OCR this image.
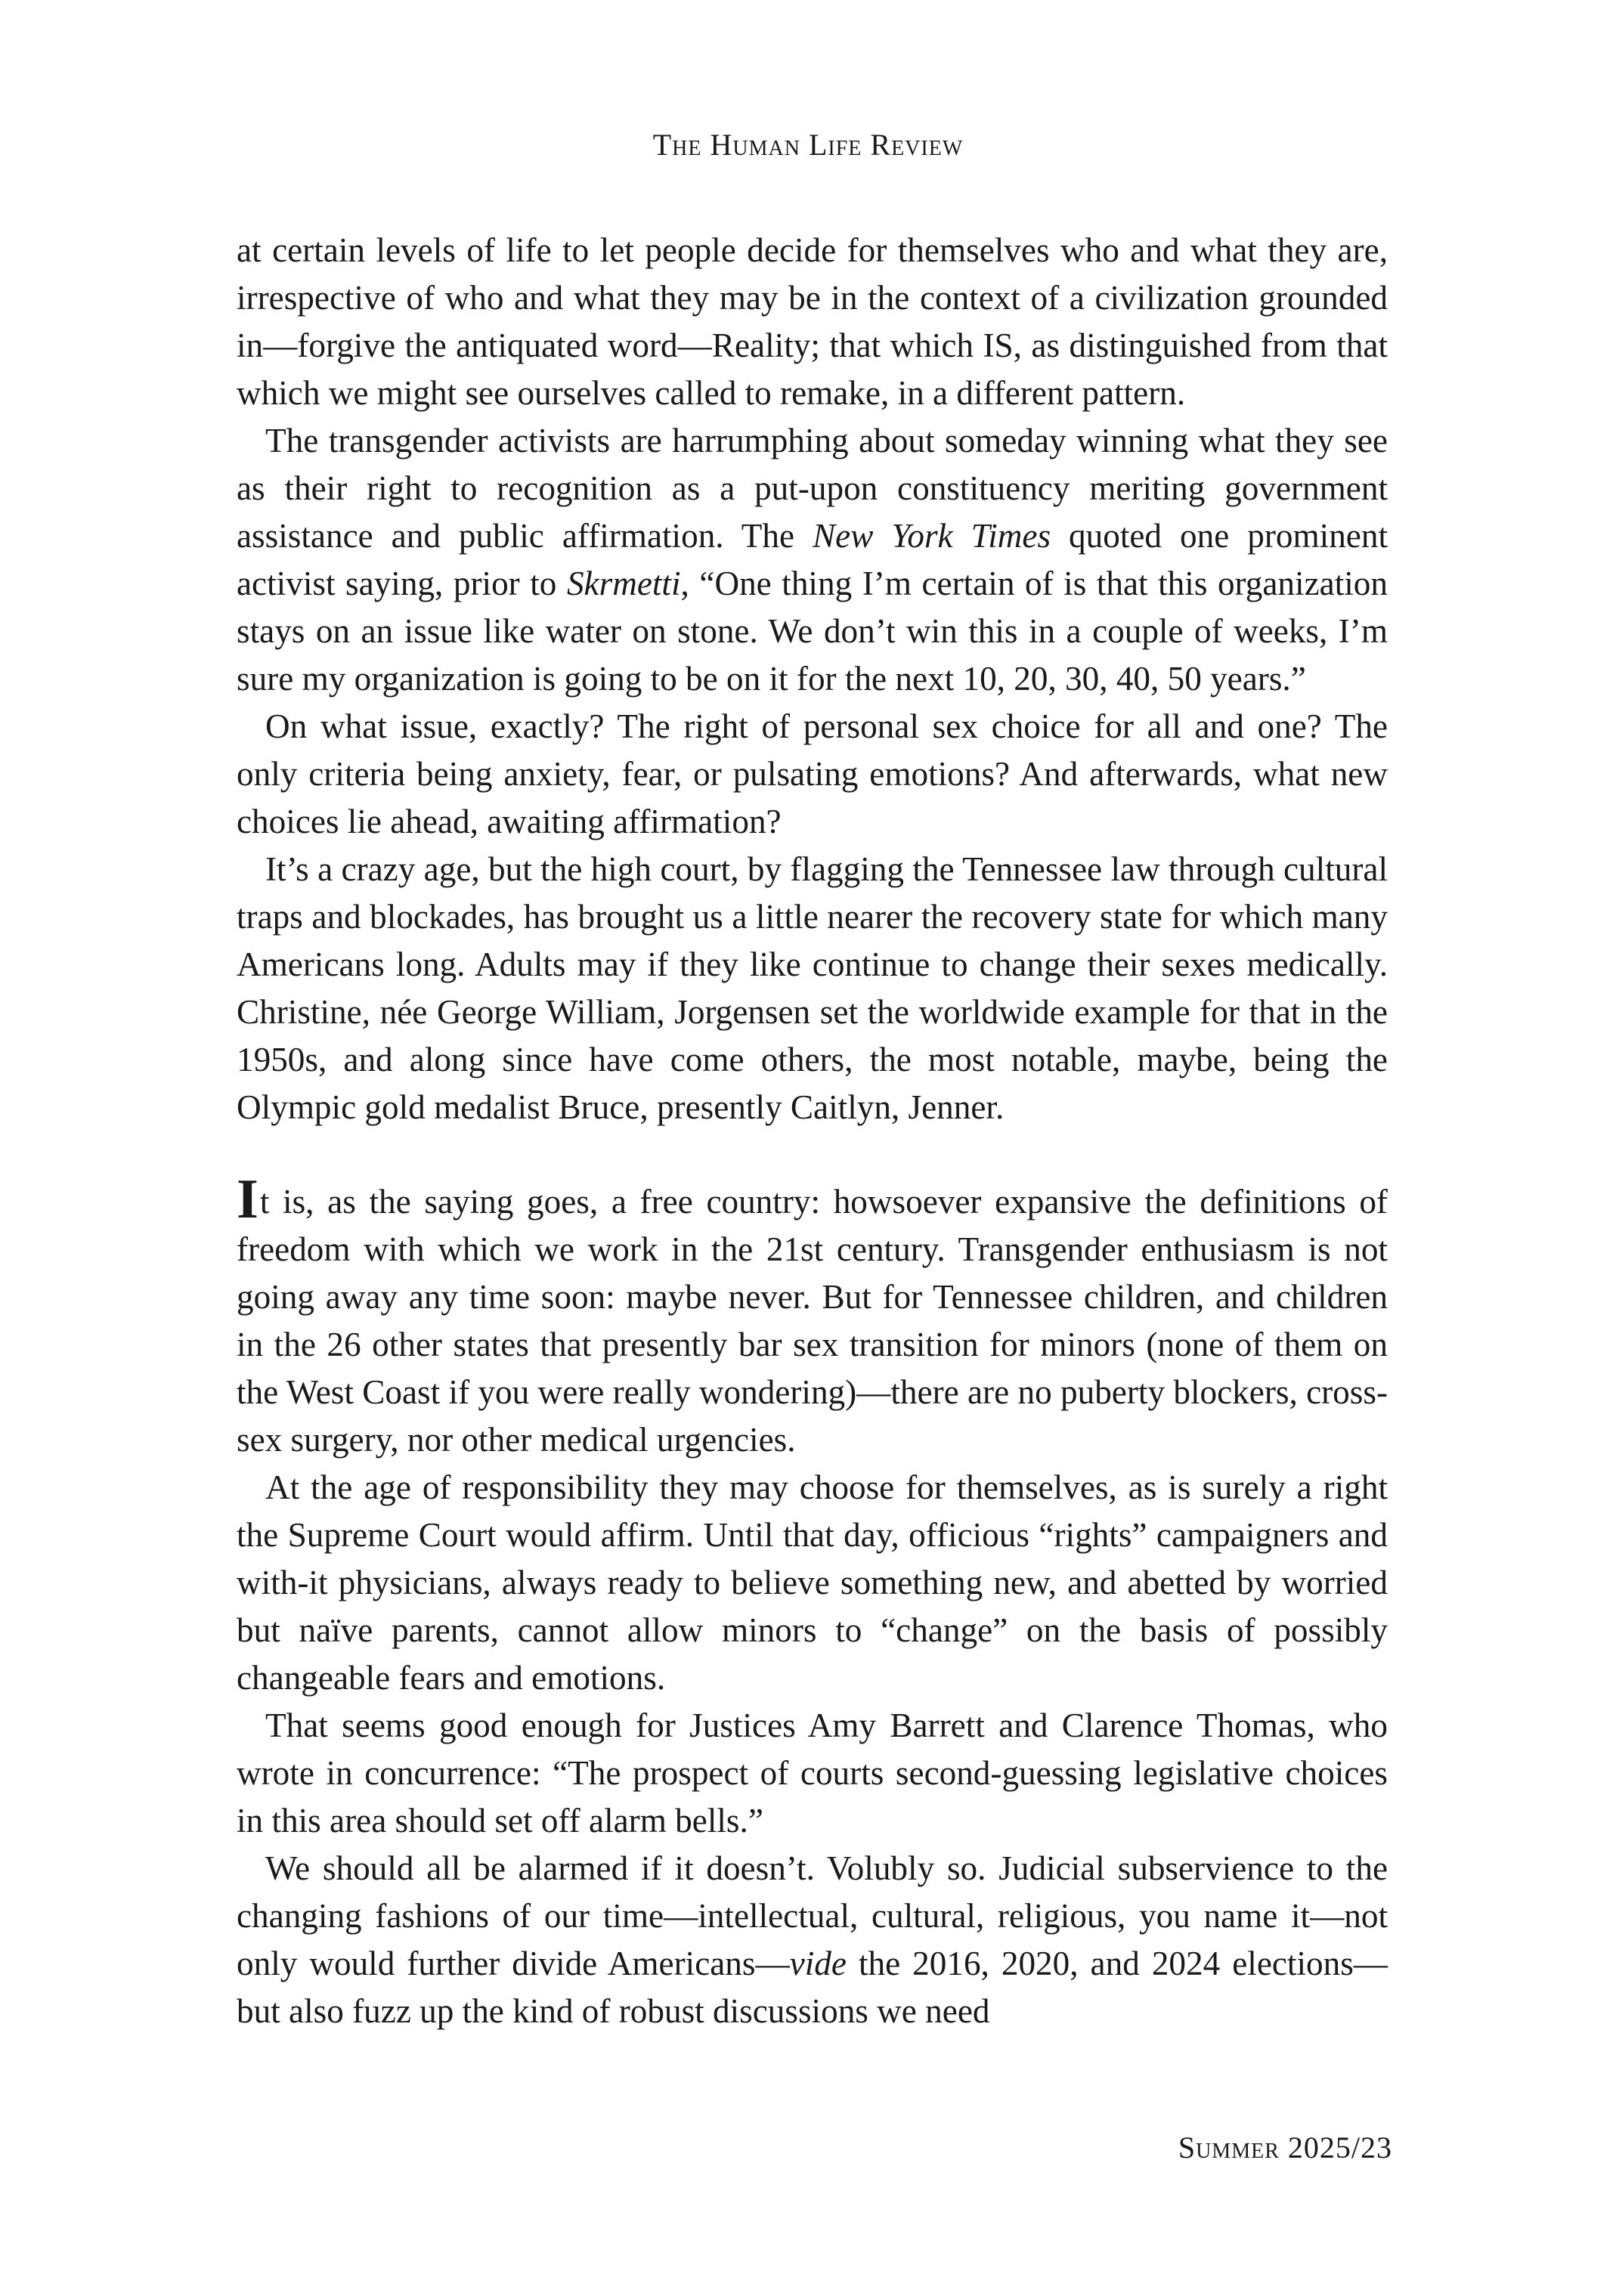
The Human Life Review

at certain levels of life to let people decide for themselves who and what they are, irrespective of who and what they may be in the context of a civilization grounded in—forgive the antiquated word—Reality; that which IS, as distinguished from that which we might see ourselves called to remake, in a different pattern.

The transgender activists are harrumphing about someday winning what they see as their right to recognition as a put-upon constituency meriting government assistance and public affirmation. The New York Times quoted one prominent activist saying, prior to Skrmetti, “One thing I’m certain of is that this organization stays on an issue like water on stone. We don’t win this in a couple of weeks, I’m sure my organization is going to be on it for the next 10, 20, 30, 40, 50 years.”

On what issue, exactly? The right of personal sex choice for all and one? The only criteria being anxiety, fear, or pulsating emotions? And afterwards, what new choices lie ahead, awaiting affirmation?

It’s a crazy age, but the high court, by flagging the Tennessee law through cultural traps and blockades, has brought us a little nearer the recovery state for which many Americans long. Adults may if they like continue to change their sexes medically. Christine, née George William, Jorgensen set the worldwide example for that in the 1950s, and along since have come others, the most notable, maybe, being the Olympic gold medalist Bruce, presently Caitlyn, Jenner.

It is, as the saying goes, a free country: howsoever expansive the definitions of freedom with which we work in the 21st century. Transgender enthusiasm is not going away any time soon: maybe never. But for Tennessee children, and children in the 26 other states that presently bar sex transition for minors (none of them on the West Coast if you were really wondering)—there are no puberty blockers, cross-sex surgery, nor other medical urgencies.

At the age of responsibility they may choose for themselves, as is surely a right the Supreme Court would affirm. Until that day, officious “rights” campaigners and with-it physicians, always ready to believe something new, and abetted by worried but naïve parents, cannot allow minors to “change” on the basis of possibly changeable fears and emotions.

That seems good enough for Justices Amy Barrett and Clarence Thomas, who wrote in concurrence: “The prospect of courts second-guessing legislative choices in this area should set off alarm bells.”

We should all be alarmed if it doesn’t. Volubly so. Judicial subservience to the changing fashions of our time—intellectual, cultural, religious, you name it—not only would further divide Americans—vide the 2016, 2020, and 2024 elections—but also fuzz up the kind of robust discussions we need

Summer 2025/23
